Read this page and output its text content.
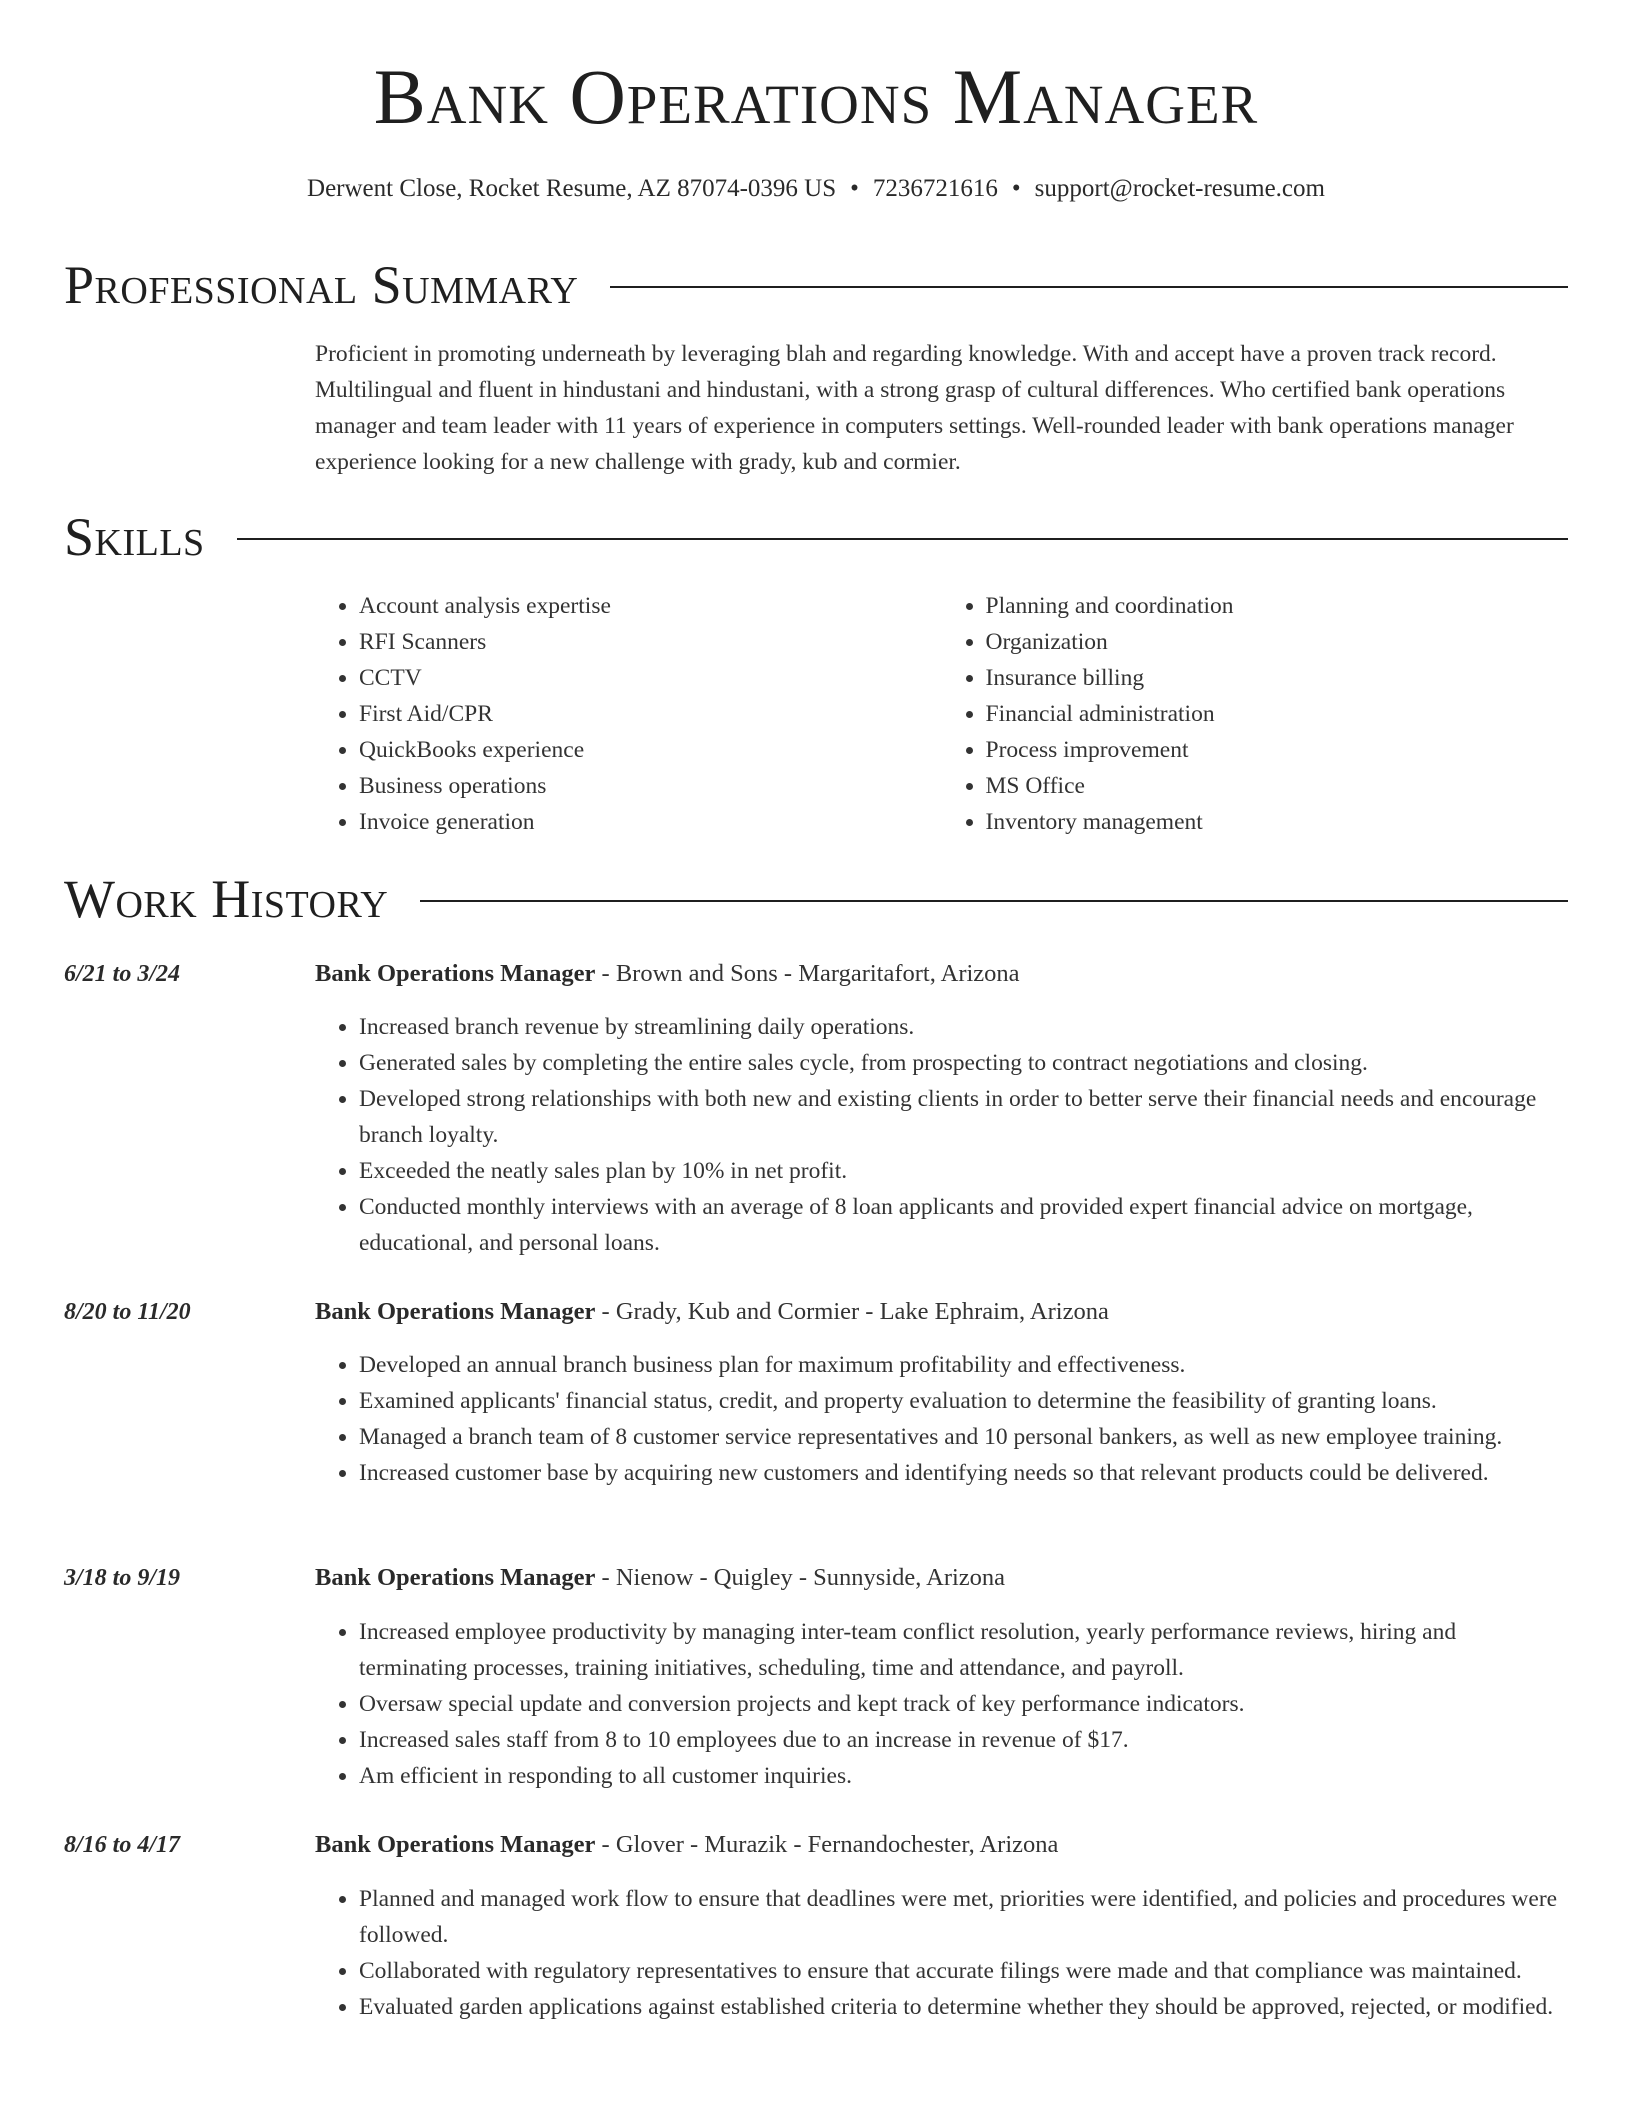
Bank Operations Manager
Derwent Close, Rocket Resume, AZ 87074-0396 US • 7236721616 • support@rocket-resume.com
Professional Summary
Proficient in promoting underneath by leveraging blah and regarding knowledge. With and accept have a proven track record. Multilingual and fluent in hindustani and hindustani, with a strong grasp of cultural differences. Who certified bank operations manager and team leader with 11 years of experience in computers settings. Well-rounded leader with bank operations manager experience looking for a new challenge with grady, kub and cormier.
Skills
• Account analysis expertise
• RFI Scanners
• CCTV
• First Aid/CPR
• QuickBooks experience
• Business operations
• Invoice generation
• Planning and coordination
• Organization
• Insurance billing
• Financial administration
• Process improvement
• MS Office
• Inventory management
Work History
6/21 to 3/24	Bank Operations Manager - Brown and Sons - Margaritafort, Arizona
• Increased branch revenue by streamlining daily operations.
• Generated sales by completing the entire sales cycle, from prospecting to contract negotiations and closing.
• Developed strong relationships with both new and existing clients in order to better serve their financial needs and encourage branch loyalty.
• Exceeded the neatly sales plan by 10% in net profit.
• Conducted monthly interviews with an average of 8 loan applicants and provided expert financial advice on mortgage, educational, and personal loans.
8/20 to 11/20	Bank Operations Manager - Grady, Kub and Cormier - Lake Ephraim, Arizona
• Developed an annual branch business plan for maximum profitability and effectiveness.
• Examined applicants' financial status, credit, and property evaluation to determine the feasibility of granting loans.
• Managed a branch team of 8 customer service representatives and 10 personal bankers, as well as new employee training.
• Increased customer base by acquiring new customers and identifying needs so that relevant products could be delivered.
3/18 to 9/19	Bank Operations Manager - Nienow - Quigley - Sunnyside, Arizona
• Increased employee productivity by managing inter-team conflict resolution, yearly performance reviews, hiring and terminating processes, training initiatives, scheduling, time and attendance, and payroll.
• Oversaw special update and conversion projects and kept track of key performance indicators.
• Increased sales staff from 8 to 10 employees due to an increase in revenue of $17.
• Am efficient in responding to all customer inquiries.
8/16 to 4/17	Bank Operations Manager - Glover - Murazik - Fernandochester, Arizona
• Planned and managed work flow to ensure that deadlines were met, priorities were identified, and policies and procedures were followed.
• Collaborated with regulatory representatives to ensure that accurate filings were made and that compliance was maintained.
• Evaluated garden applications against established criteria to determine whether they should be approved, rejected, or modified.
